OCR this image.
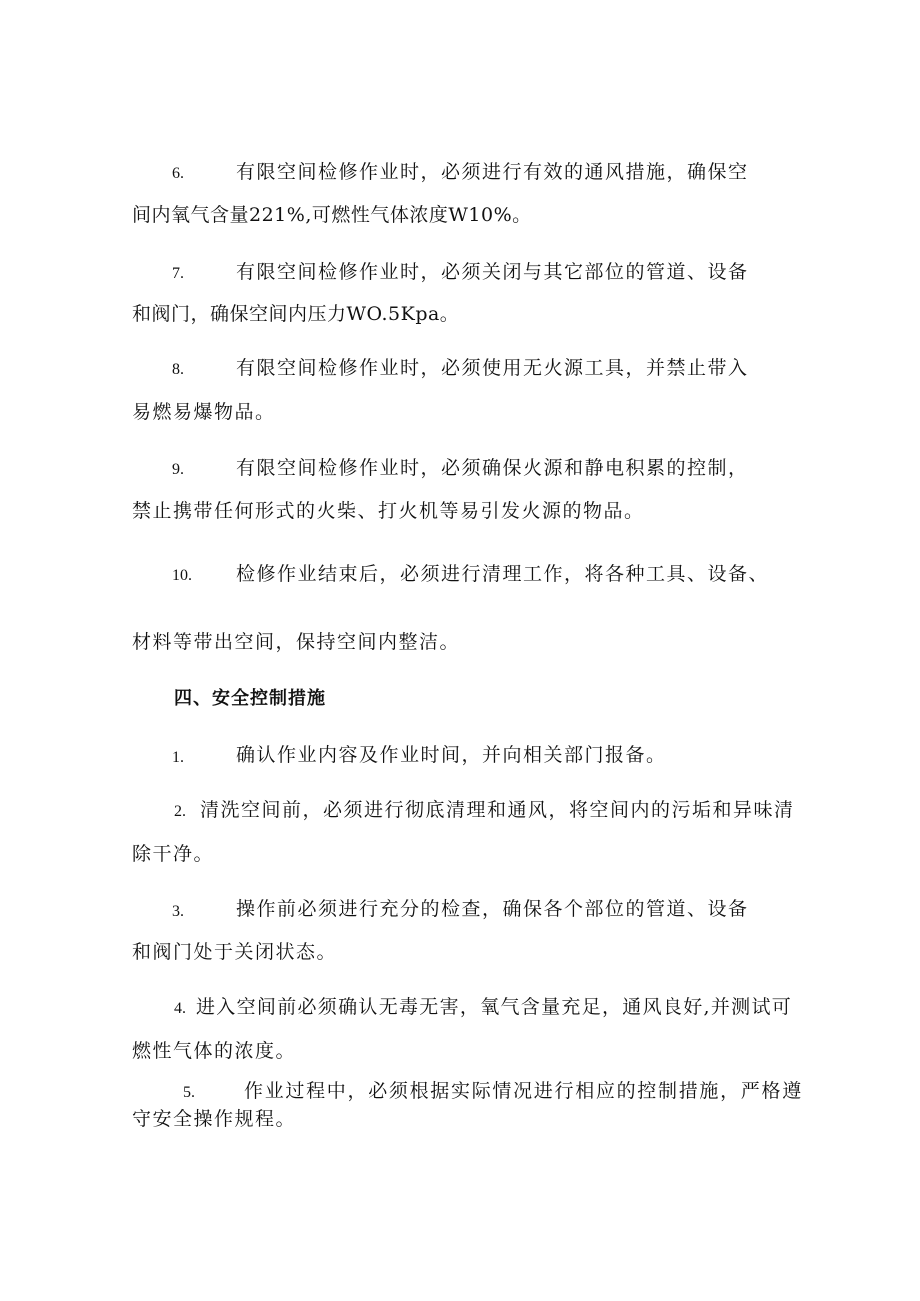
6.	有限空间检修作业时，必须进行有效的通风措施，确保空
间内氧气含量221%,可燃性气体浓度W10%。
7.	有限空间检修作业时，必须关闭与其它部位的管道、设备
和阀门，确保空间内压力WO.5Kpa。
8.	有限空间检修作业时，必须使用无火源工具，并禁止带入
易燃易爆物品。
9.	有限空间检修作业时，必须确保火源和静电积累的控制，
禁止携带任何形式的火柴、打火机等易引发火源的物品。
10. 检修作业结束后，必须进行清理工作，将各种工具、设备、
材料等带出空间，保持空间内整洁。
四、安全控制措施
1.	确认作业内容及作业时间，并向相关部门报备。
2. 清洗空间前，必须进行彻底清理和通风，将空间内的污垢和异味清
除干净。
3.	操作前必须进行充分的检查，确保各个部位的管道、设备
和阀门处于关闭状态。
4. 进入空间前必须确认无毒无害，氧气含量充足，通风良好,并测试可
燃性气体的浓度。
5.	作业过程中，必须根据实际情况进行相应的控制措施，严格遵
守安全操作规程。
